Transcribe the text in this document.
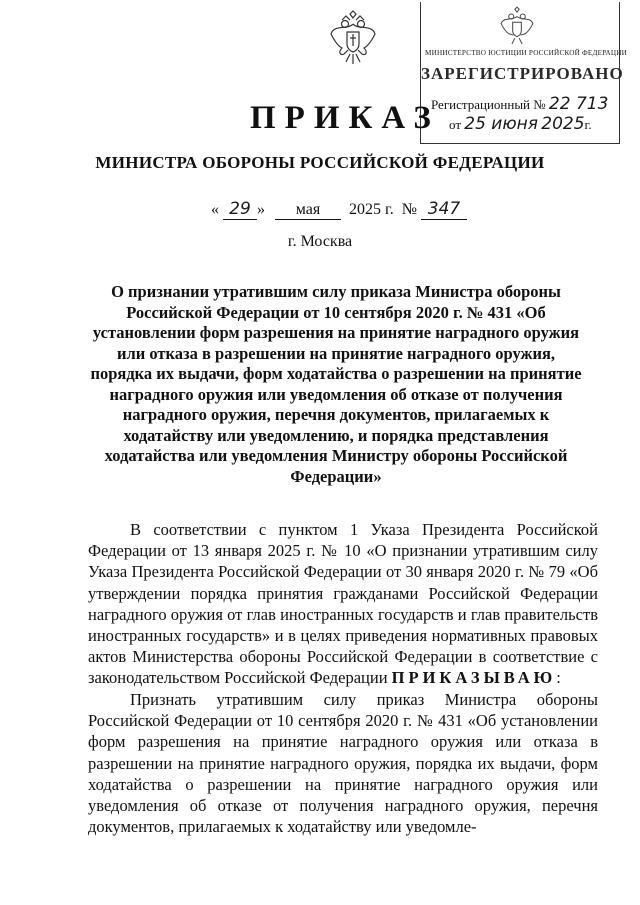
МИНИСТЕРСТВО ЮСТИЦИИ РОССИЙСКОЙ ФЕДЕРАЦИИ
ЗАРЕГИСТРИРОВАНО
Регистрационный № 22 713
от 25 июня 2025г.
ПРИКАЗ
МИНИСТРА ОБОРОНЫ РОССИЙСКОЙ ФЕДЕРАЦИИ
« 29 » мая 2025 г. № 347
г. Москва
О признании утратившим силу приказа Министра обороны Российской Федерации от 10 сентября 2020 г. № 431 «Об установлении форм разрешения на принятие наградного оружия или отказа в разрешении на принятие наградного оружия, порядка их выдачи, форм ходатайства о разрешении на принятие наградного оружия или уведомления об отказе от получения наградного оружия, перечня документов, прилагаемых к ходатайству или уведомлению, и порядка представления ходатайства или уведомления Министру обороны Российской Федерации»

В соответствии с пунктом 1 Указа Президента Российской Федерации от 13 января 2025 г. № 10 «О признании утратившим силу Указа Президента Российской Федерации от 30 января 2020 г. № 79 «Об утверждении порядка принятия гражданами Российской Федерации наградного оружия от глав иностранных государств и глав правительств иностранных государств» и в целях приведения нормативных правовых актов Министерства обороны Российской Федерации в соответствие с законодательством Российской Федерации ПРИКАЗЫВАЮ:

Признать утратившим силу приказ Министра обороны Российской Федерации от 10 сентября 2020 г. № 431 «Об установлении форм разрешения на принятие наградного оружия или отказа в разрешении на принятие наградного оружия, порядка их выдачи, форм ходатайства о разрешении на принятие наградного оружия или уведомления об отказе от получения наградного оружия, перечня документов, прилагаемых к ходатайству или уведомле-
